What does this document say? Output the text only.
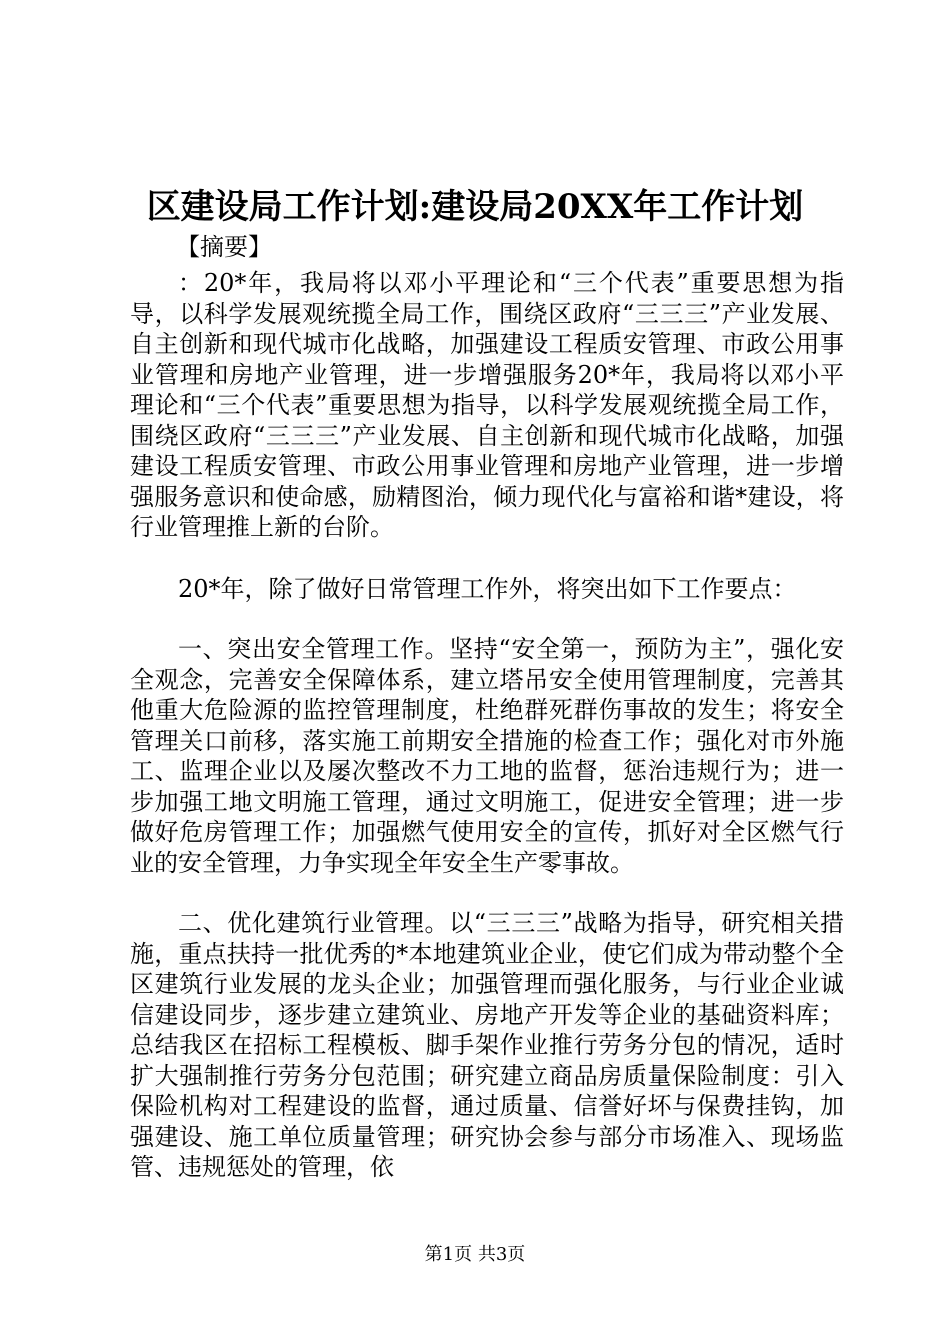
区建设局工作计划:建设局20XX年工作计划
【摘要】
：20*年，我局将以邓小平理论和“三个代表”重要思想为指导，以科学发展观统揽全局工作，围绕区政府“三三三”产业发展、自主创新和现代城市化战略，加强建设工程质安管理、市政公用事业管理和房地产业管理，进一步增强服务20*年，我局将以邓小平理论和“三个代表”重要思想为指导，以科学发展观统揽全局工作，围绕区政府“三三三”产业发展、自主创新和现代城市化战略，加强建设工程质安管理、市政公用事业管理和房地产业管理，进一步增强服务意识和使命感，励精图治，倾力现代化与富裕和谐*建设，将行业管理推上新的台阶。
20*年，除了做好日常管理工作外，将突出如下工作要点：
一、突出安全管理工作。坚持“安全第一，预防为主”，强化安全观念，完善安全保障体系，建立塔吊安全使用管理制度，完善其他重大危险源的监控管理制度，杜绝群死群伤事故的发生；将安全管理关口前移，落实施工前期安全措施的检查工作；强化对市外施工、监理企业以及屡次整改不力工地的监督，惩治违规行为；进一步加强工地文明施工管理，通过文明施工，促进安全管理；进一步做好危房管理工作；加强燃气使用安全的宣传，抓好对全区燃气行业的安全管理，力争实现全年安全生产零事故。
二、优化建筑行业管理。以“三三三”战略为指导，研究相关措施，重点扶持一批优秀的*本地建筑业企业，使它们成为带动整个全区建筑行业发展的龙头企业；加强管理而强化服务，与行业企业诚信建设同步，逐步建立建筑业、房地产开发等企业的基础资料库；总结我区在招标工程模板、脚手架作业推行劳务分包的情况，适时扩大强制推行劳务分包范围；研究建立商品房质量保险制度：引入保险机构对工程建设的监督，通过质量、信誉好坏与保费挂钩，加强建设、施工单位质量管理；研究协会参与部分市场准入、现场监管、违规惩处的管理，依
第1页 共3页
